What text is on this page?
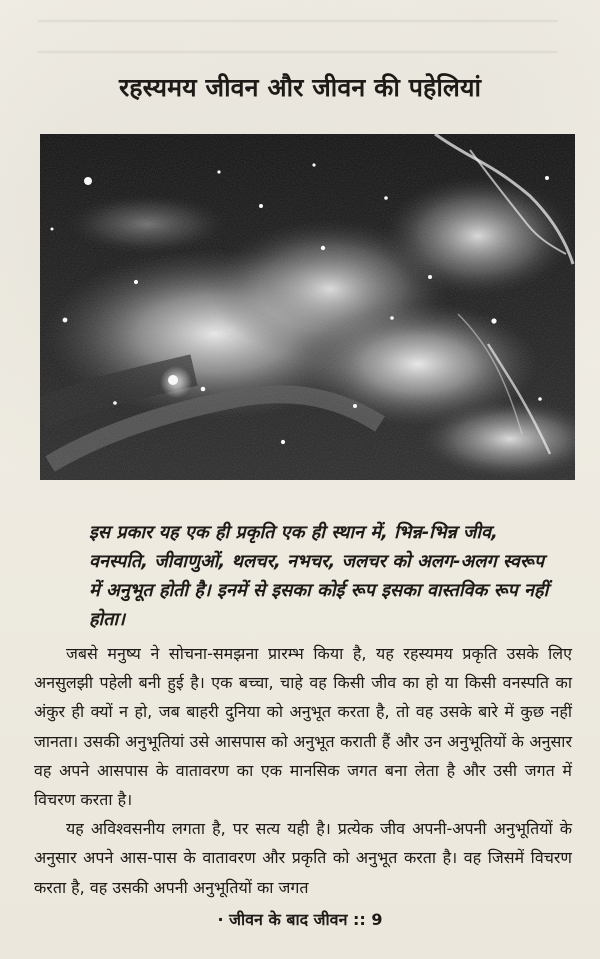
रहस्यमय जीवन और जीवन की पहेलियां
इस प्रकार यह एक ही प्रकृति एक ही स्थान में, भिन्न-भिन्न जीव, वनस्पति, जीवाणुओं, थलचर, नभचर, जलचर को अलग-अलग स्वरूप में अनुभूत होती है। इनमें से इसका कोई रूप इसका वास्तविक रूप नहीं होता।

जबसे मनुष्य ने सोचना-समझना प्रारम्भ किया है, यह रहस्यमय प्रकृति उसके लिए अनसुलझी पहेली बनी हुई है। एक बच्चा, चाहे वह किसी जीव का हो या किसी वनस्पति का अंकुर ही क्यों न हो, जब बाहरी दुनिया को अनुभूत करता है, तो वह उसके बारे में कुछ नहीं जानता। उसकी अनुभूतियां उसे आसपास को अनुभूत कराती हैं और उन अनुभूतियों के अनुसार वह अपने आसपास के वातावरण का एक मानसिक जगत बना लेता है और उसी जगत में विचरण करता है।

यह अविश्वसनीय लगता है, पर सत्य यही है। प्रत्येक जीव अपनी-अपनी अनुभूतियों के अनुसार अपने आस-पास के वातावरण और प्रकृति को अनुभूत करता है। वह जिसमें विचरण करता है, वह उसकी अपनी अनुभूतियों का जगत

· जीवन के बाद जीवन :: 9
